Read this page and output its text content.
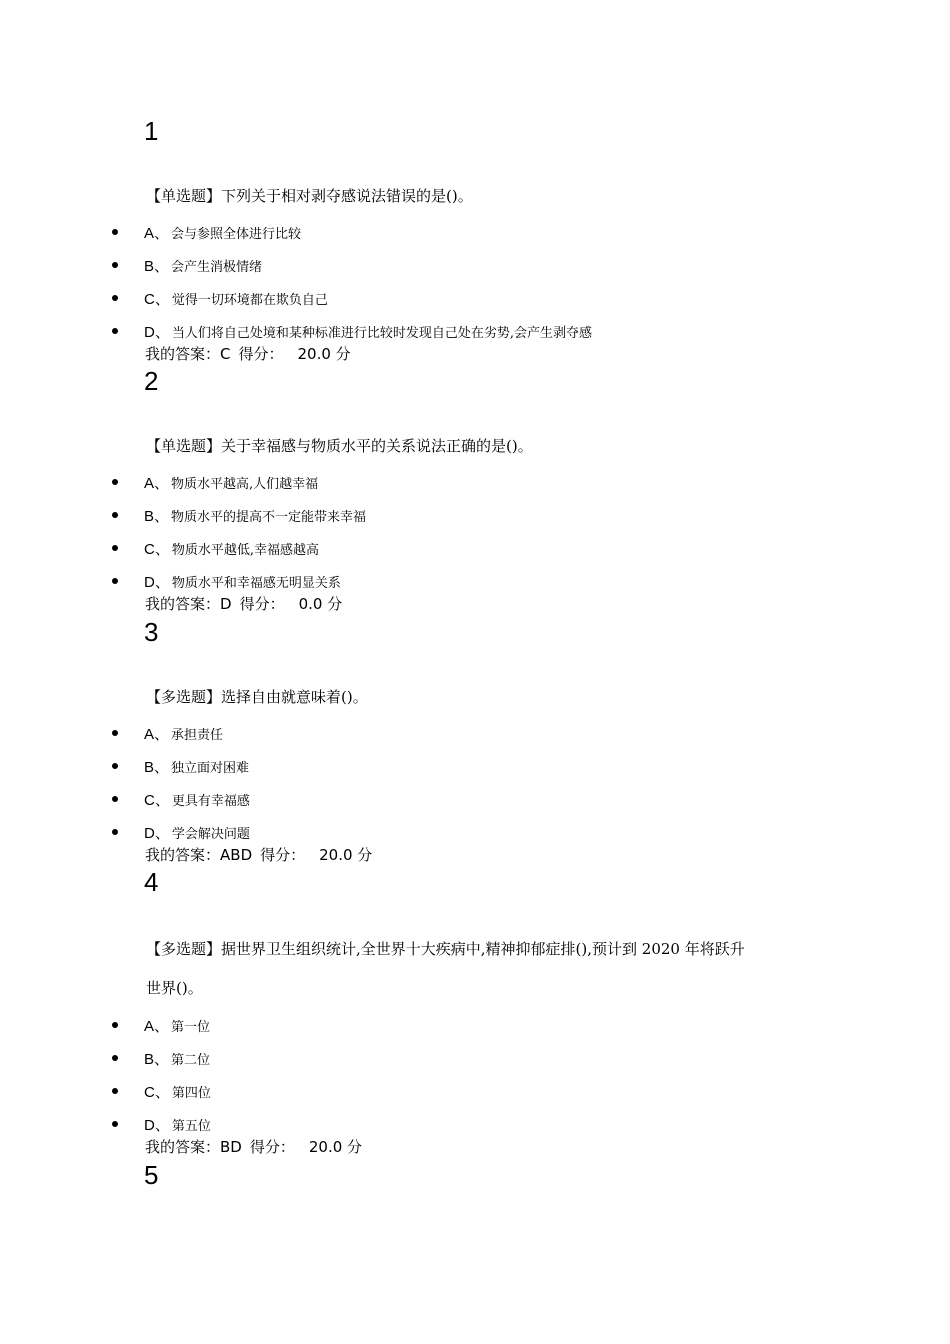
1
【单选题】下列关于相对剥夺感说法错误的是()。
A、 会与参照全体进行比较
B、 会产生消极情绪
C、 觉得一切环境都在欺负自己
D、 当人们将自己处境和某种标准进行比较时发现自己处在劣势,会产生剥夺感
我的答案：C 得分： 20.0 分
2
【单选题】关于幸福感与物质水平的关系说法正确的是()。
A、 物质水平越高,人们越幸福
B、 物质水平的提高不一定能带来幸福
C、 物质水平越低,幸福感越高
D、 物质水平和幸福感无明显关系
我的答案：D 得分： 0.0 分
3
【多选题】选择自由就意味着()。
A、 承担责任
B、 独立面对困难
C、 更具有幸福感
D、 学会解决问题
我的答案：ABD 得分： 20.0 分
4
【多选题】据世界卫生组织统计,全世界十大疾病中,精神抑郁症排(),预计到 2020 年将跃升
世界()。
A、 第一位
B、 第二位
C、 第四位
D、 第五位
我的答案：BD 得分： 20.0 分
5
